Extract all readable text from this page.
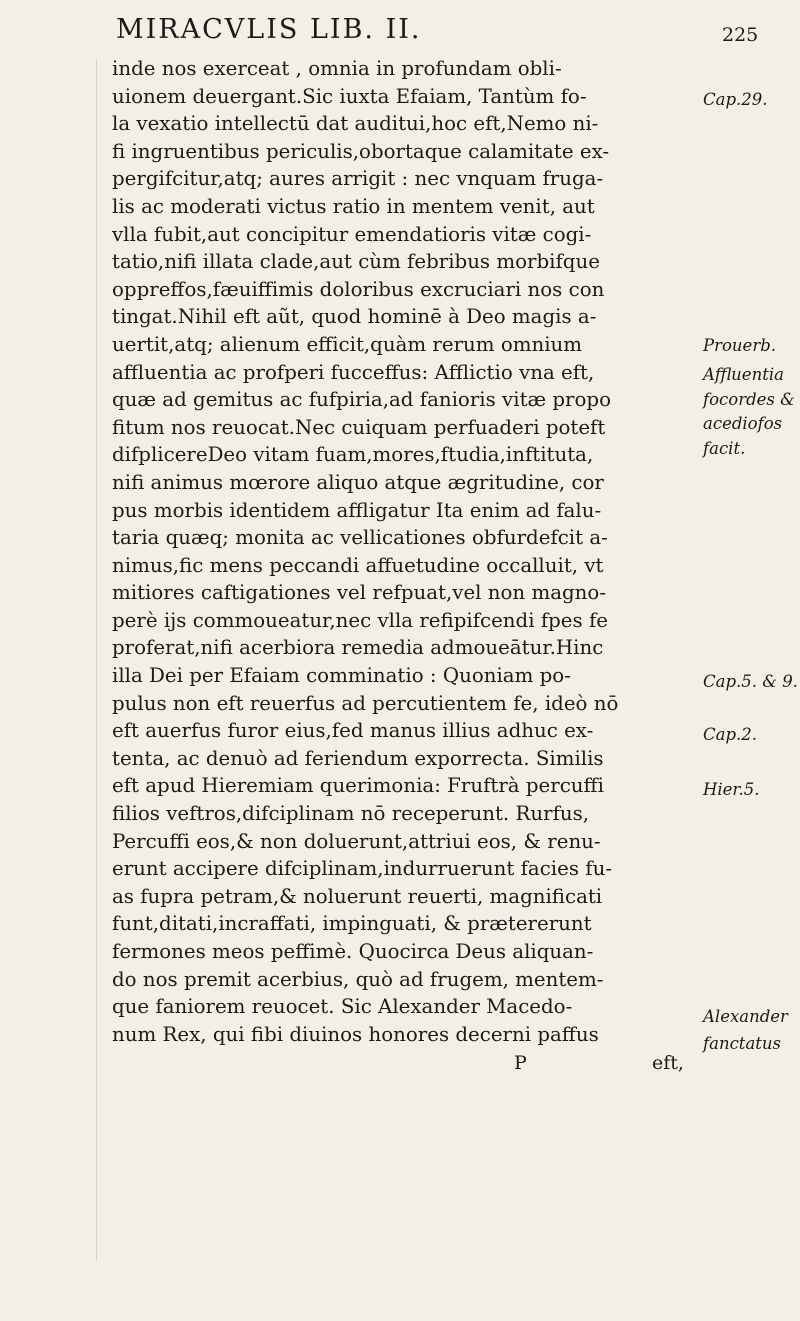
MIRACVLIS LIB. II.	225
inde nos exerceat , omnia in profundam obli-
uionem deuergant.Sic iuxta Efaiam, Tantùm fo-
la vexatio intellectū dat auditui,hoc eft,Nemo ni-
fi ingruentibus periculis,obortaque calamitate ex-
pergifcitur,atq; aures arrigit : nec vnquam fruga-
lis ac moderati victus ratio in mentem venit, aut
vlla fubit,aut concipitur emendatioris vitæ cogi-
tatio,nifi illata clade,aut cùm febribus morbifque
oppreffos,fæuiffimis doloribus excruciari nos con
tingat.Nihil eft aũt, quod hominē à Deo magis a-
uertit,atq; alienum efficit,quàm rerum omnium
affluentia ac profperi fucceffus: Afflictio vna eft,
quæ ad gemitus ac fufpiria,ad fanioris vitæ propo
fitum nos reuocat.Nec cuiquam perfuaderi poteft
difplicereDeo vitam fuam,mores,ftudia,inftituta,
nifi animus mœrore aliquo atque ægritudine, cor
pus morbis identidem affligatur Ita enim ad falu-
taria quæq; monita ac vellicationes obfurdefcit a-
nimus,fic mens peccandi affuetudine occalluit, vt
mitiores caftigationes vel refpuat,vel non magno-
perè ijs commoueatur,nec vlla refipifcendi fpes fe
proferat,nifi acerbiora remedia admoueātur.Hinc
illa Dei per Efaiam comminatio : Quoniam po-
pulus non eft reuerfus ad percutientem fe, ideò nō
eft auerfus furor eius,fed manus illius adhuc ex-
tenta, ac denuò ad feriendum exporrecta. Similis
eft apud Hieremiam querimonia: Fruftrà percuffi
filios veftros,difciplinam nō receperunt. Rurfus,
Percuffi eos,& non doluerunt,attriui eos, & renu-
erunt accipere difciplinam,indurruerunt facies fu-
as fupra petram,& noluerunt reuerti, magnificati
funt,ditati,incraffati, impinguati, & prætererunt
fermones meos peffimè. Quocirca Deus aliquan-
do nos premit acerbius, quò ad frugem, mentem-
que faniorem reuocet. Sic Alexander Macedo-
num Rex, qui fibi diuinos honores decerni paffus
Cap.29.
Prouerb.
Affluentia
focordes &
acediofos
facit.
Cap.5. & 9.
Cap.2.
Hier.5.
Alexander
fanctatus
P	eft,
